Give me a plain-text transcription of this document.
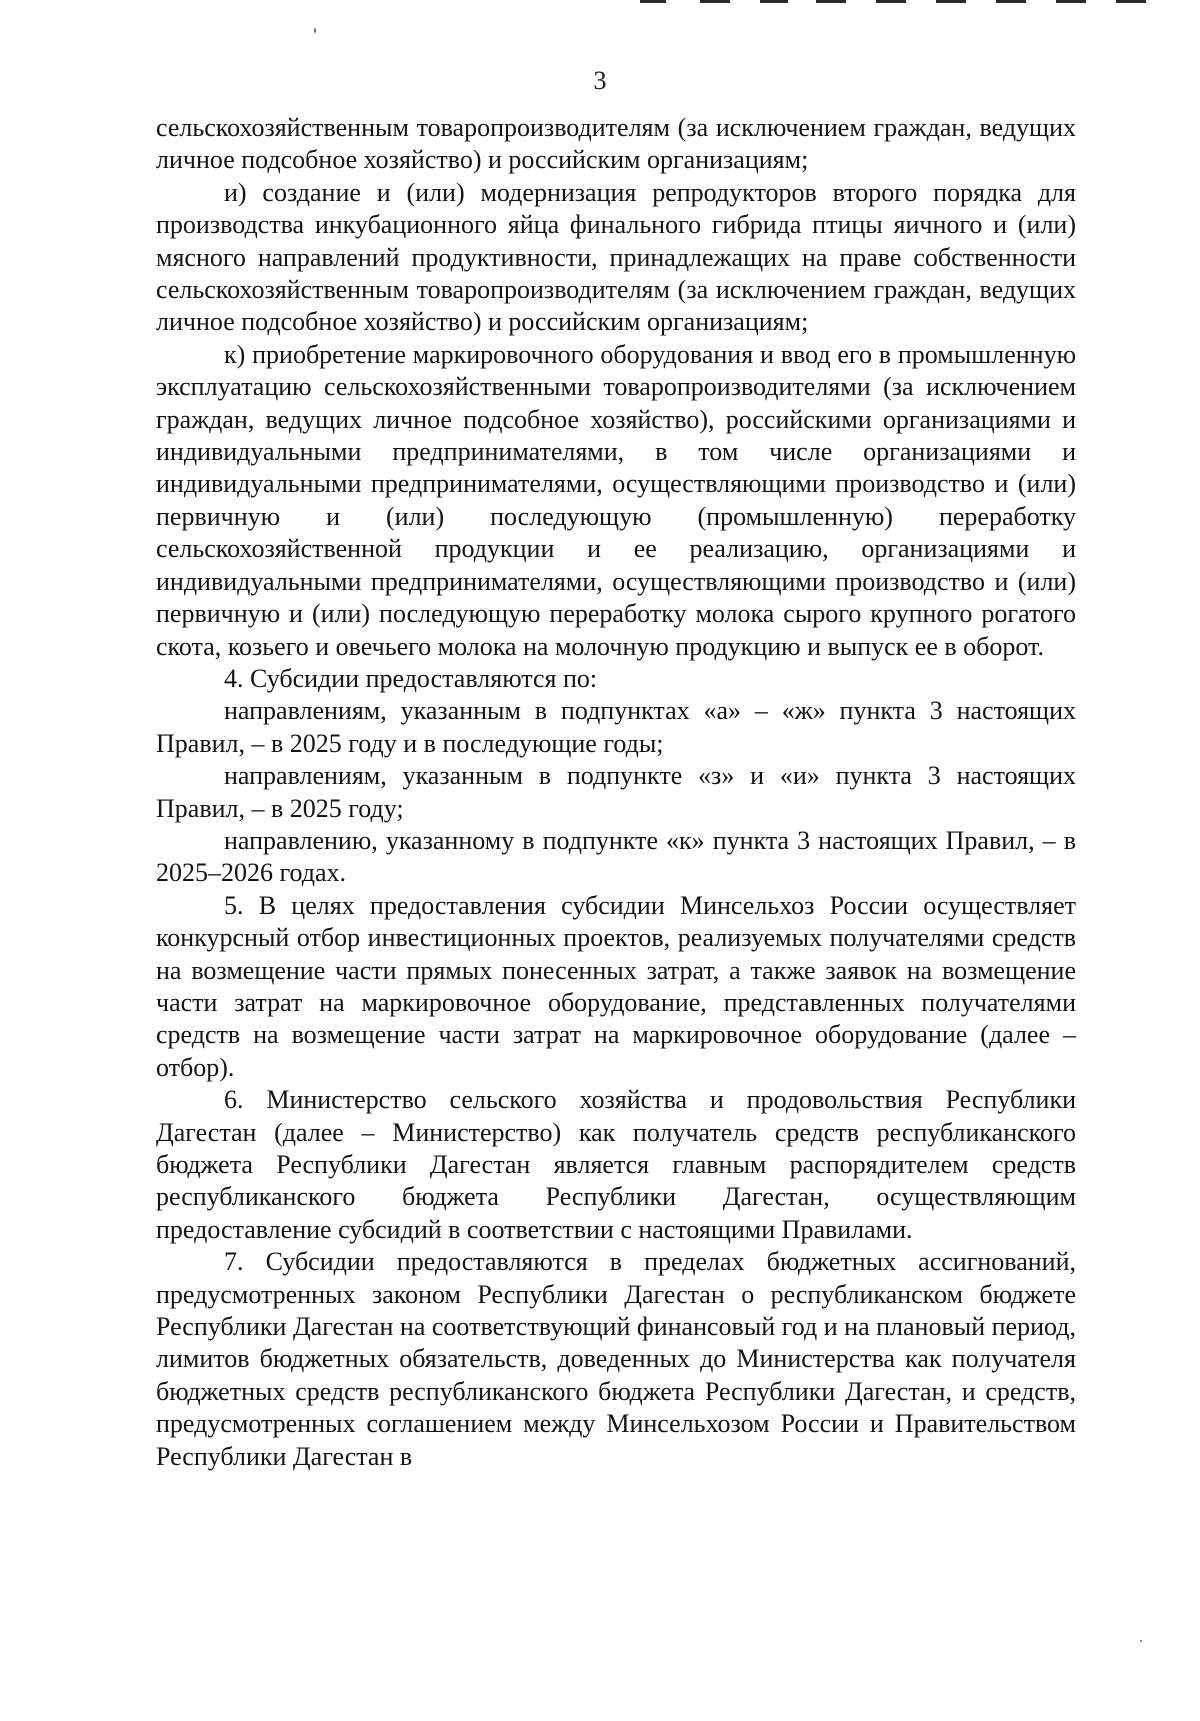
3

сельскохозяйственным товаропроизводителям (за исключением граждан, ведущих личное подсобное хозяйство) и российским организациям;

и) создание и (или) модернизация репродукторов второго порядка для производства инкубационного яйца финального гибрида птицы яичного и (или) мясного направлений продуктивности, принадлежащих на праве собственности сельскохозяйственным товаропроизводителям (за исключением граждан, ведущих личное подсобное хозяйство) и российским организациям;

к) приобретение маркировочного оборудования и ввод его в промышленную эксплуатацию сельскохозяйственными товаропроизводителями (за исключением граждан, ведущих личное подсобное хозяйство), российскими организациями и индивидуальными предпринимателями, в том числе организациями и индивидуальными предпринимателями, осуществляющими производство и (или) первичную и (или) последующую (промышленную) переработку сельскохозяйственной продукции и ее реализацию, организациями и индивидуальными предпринимателями, осуществляющими производство и (или) первичную и (или) последующую переработку молока сырого крупного рогатого скота, козьего и овечьего молока на молочную продукцию и выпуск ее в оборот.

4. Субсидии предоставляются по:

направлениям, указанным в подпунктах «а» – «ж» пункта 3 настоящих Правил, – в 2025 году и в последующие годы;

направлениям, указанным в подпункте «з» и «и» пункта 3 настоящих Правил, – в 2025 году;

направлению, указанному в подпункте «к» пункта 3 настоящих Правил, – в 2025–2026 годах.

5. В целях предоставления субсидии Минсельхоз России осуществляет конкурсный отбор инвестиционных проектов, реализуемых получателями средств на возмещение части прямых понесенных затрат, а также заявок на возмещение части затрат на маркировочное оборудование, представленных получателями средств на возмещение части затрат на маркировочное оборудование (далее – отбор).

6. Министерство сельского хозяйства и продовольствия Республики Дагестан (далее – Министерство) как получатель средств республиканского бюджета Республики Дагестан является главным распорядителем средств республиканского бюджета Республики Дагестан, осуществляющим предоставление субсидий в соответствии с настоящими Правилами.

7. Субсидии предоставляются в пределах бюджетных ассигнований, предусмотренных законом Республики Дагестан о республиканском бюджете Республики Дагестан на соответствующий финансовый год и на плановый период, лимитов бюджетных обязательств, доведенных до Министерства как получателя бюджетных средств республиканского бюджета Республики Дагестан, и средств, предусмотренных соглашением между Минсельхозом России и Правительством Республики Дагестан в
